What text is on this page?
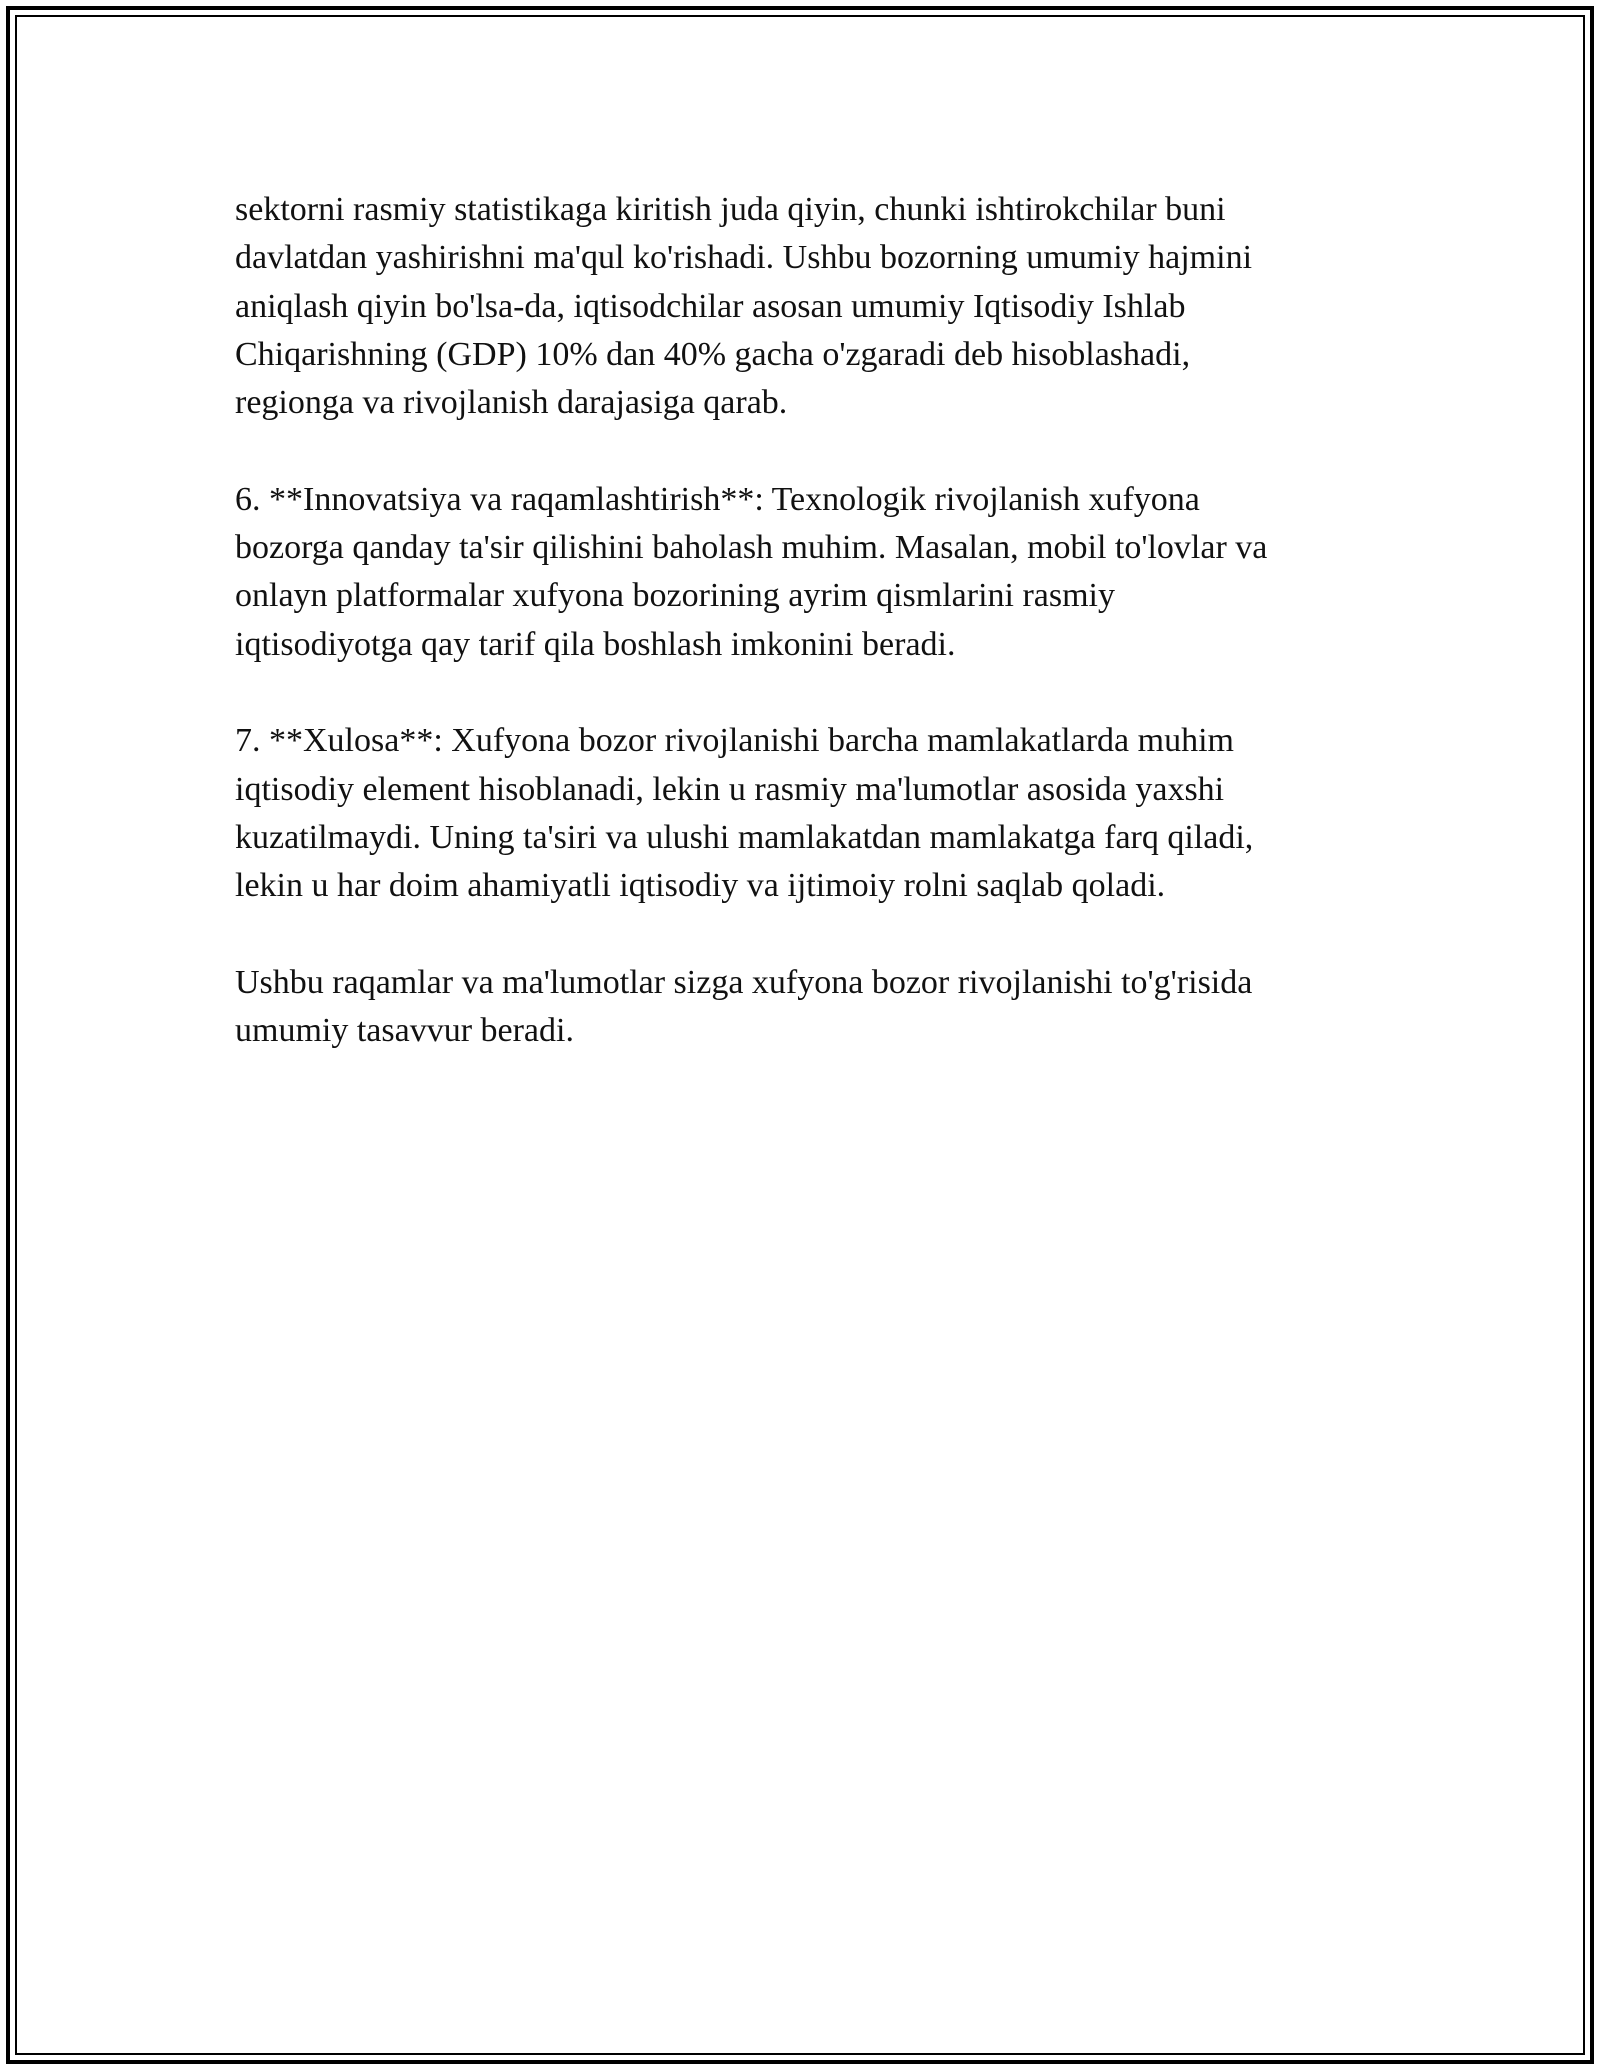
sektorni rasmiy statistikaga kiritish juda qiyin, chunki ishtirokchilar buni
davlatdan yashirishni ma'qul ko'rishadi. Ushbu bozorning umumiy hajmini
aniqlash qiyin bo'lsa-da, iqtisodchilar asosan umumiy Iqtisodiy Ishlab
Chiqarishning (GDP) 10% dan 40% gacha o'zgaradi deb hisoblashadi,
regionga va rivojlanish darajasiga qarab.

6. **Innovatsiya va raqamlashtirish**: Texnologik rivojlanish xufyona
bozorga qanday ta'sir qilishini baholash muhim. Masalan, mobil to'lovlar va
onlayn platformalar xufyona bozorining ayrim qismlarini rasmiy
iqtisodiyotga qay tarif qila boshlash imkonini beradi.

7. **Xulosa**: Xufyona bozor rivojlanishi barcha mamlakatlarda muhim
iqtisodiy element hisoblanadi, lekin u rasmiy ma'lumotlar asosida yaxshi
kuzatilmaydi. Uning ta'siri va ulushi mamlakatdan mamlakatga farq qiladi,
lekin u har doim ahamiyatli iqtisodiy va ijtimoiy rolni saqlab qoladi.

Ushbu raqamlar va ma'lumotlar sizga xufyona bozor rivojlanishi to'g'risida
umumiy tasavvur beradi.
